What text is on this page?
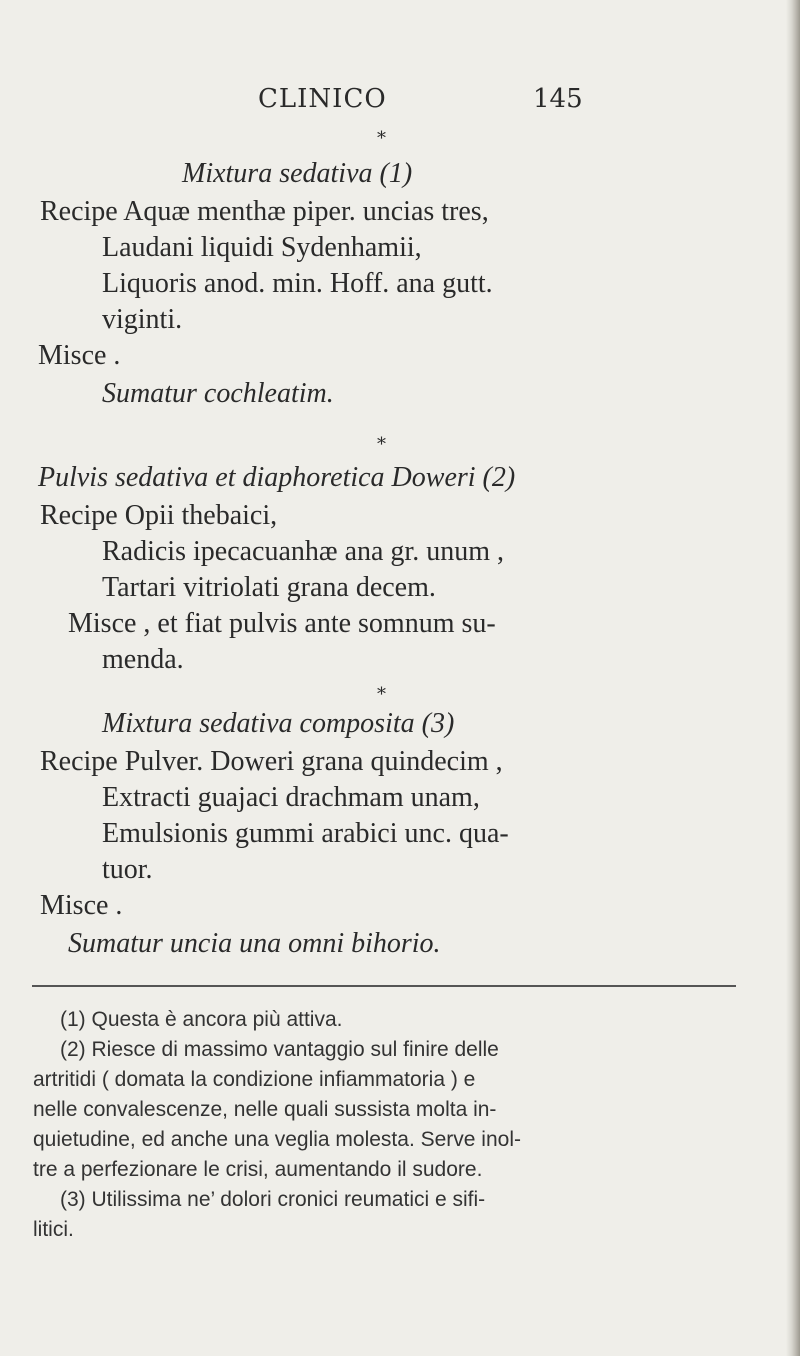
CLINICO	145
*
Mixtura sedativa (1)
Recipe Aquæ menthæ piper. uncias tres,
Laudani liquidi Sydenhamii,
Liquoris anod. min. Hoff. ana gutt.
viginti.
Misce .
Sumatur cochleatim.
*
Pulvis sedativa et diaphoretica Doweri (2)
Recipe Opii thebaici,
Radicis ipecacuanhæ ana gr. unum ,
Tartari vitriolati grana decem.
Misce , et fiat pulvis ante somnum su-
menda.
*
Mixtura sedativa composita (3)
Recipe Pulver. Doweri grana quindecim ,
Extracti guajaci drachmam unam,
Emulsionis gummi arabici unc. qua-
tuor.
Misce .
Sumatur uncia una omni bihorio.
(1) Questa è ancora più attiva.
(2) Riesce di massimo vantaggio sul finire delle
artritidi ( domata la condizione infiammatoria ) e
nelle convalescenze, nelle quali sussista molta in-
quietudine, ed anche una veglia molesta. Serve inol-
tre a perfezionare le crisi, aumentando il sudore.
(3) Utilissima ne’ dolori cronici reumatici e sifi-
litici.
